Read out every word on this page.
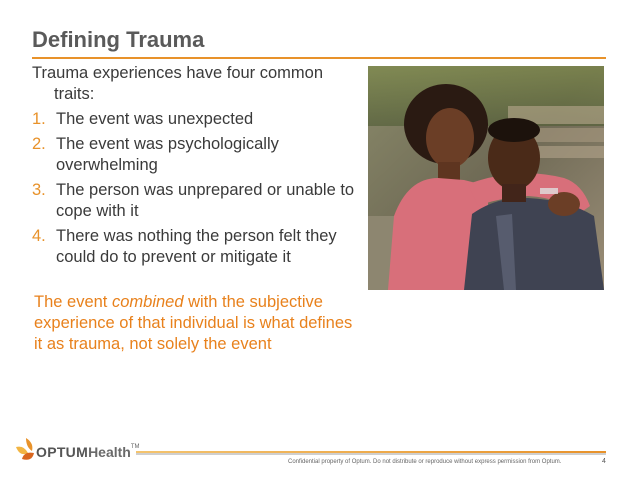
Defining Trauma

Trauma experiences have four common traits:

1. The event was unexpected
2. The event was psychologically overwhelming
3. The person was unprepared or unable to cope with it
4. There was nothing the person felt they could do to prevent or mitigate it
The event combined with the subjective experience of that individual is what defines it as trauma, not solely the event
OPTUMHealth™
Confidential property of Optum. Do not distribute or reproduce without express permission from Optum.	4
